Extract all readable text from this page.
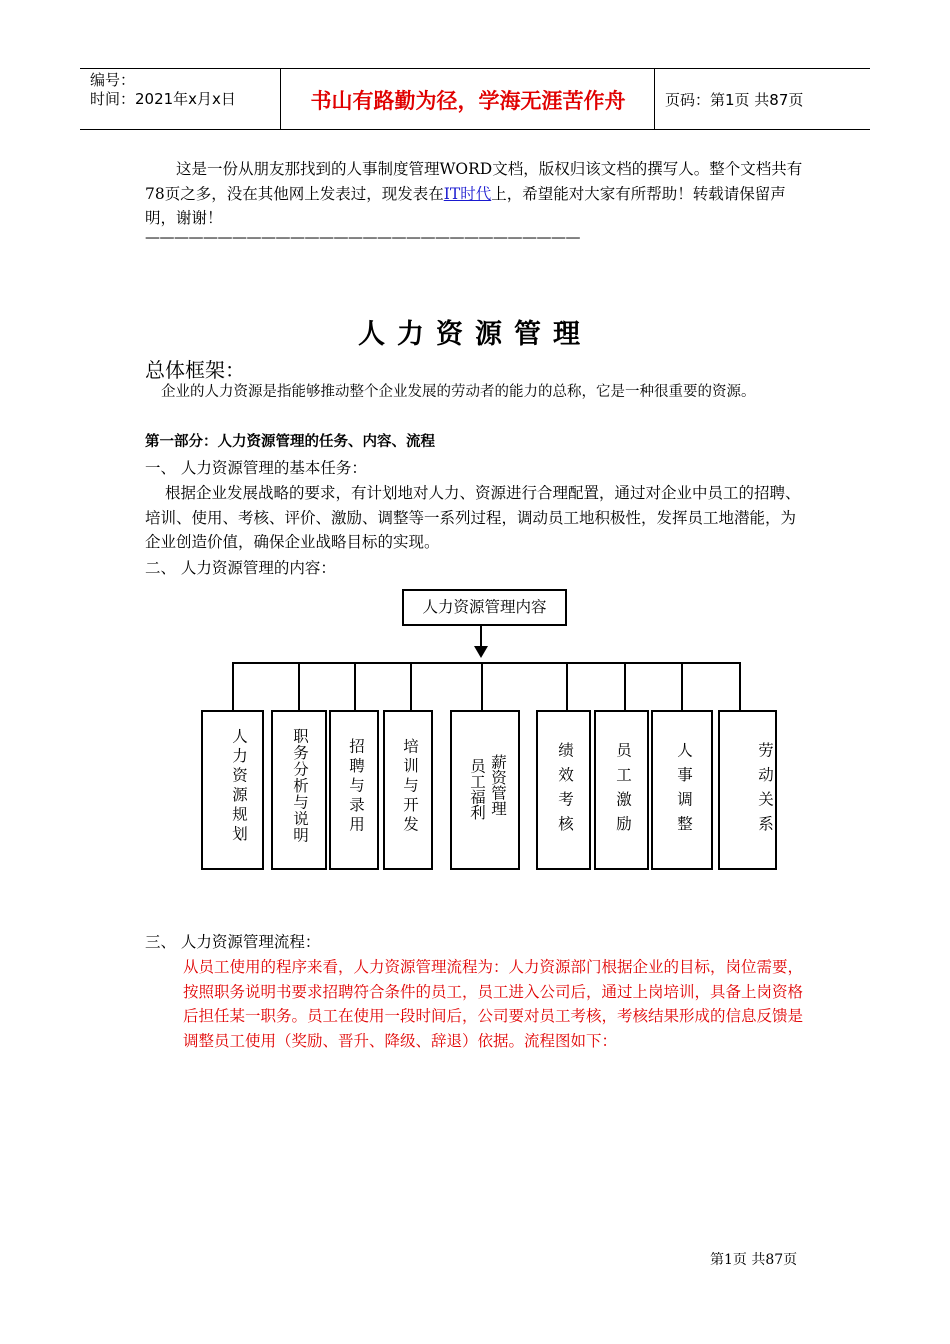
编号：
时间：2021年x月x日	书山有路勤为径，学海无涯苦作舟	页码：第1页 共87页
这是一份从朋友那找到的人事制度管理WORD文档，版权归该文档的撰写人。整个文档共有78页之多，没在其他网上发表过，现发表在IT时代上，希望能对大家有所帮助！转载请保留声明，谢谢！
——————————————————————————————
人力资源管理
总体框架：
企业的人力资源是指能够推动整个企业发展的劳动者的能力的总称，它是一种很重要的资源。
第一部分：人力资源管理的任务、内容、流程
一、 人力资源管理的基本任务：
根据企业发展战略的要求，有计划地对人力、资源进行合理配置，通过对企业中员工的招聘、培训、使用、考核、评价、激励、调整等一系列过程，调动员工地积极性，发挥员工地潜能，为企业创造价值，确保企业战略目标的实现。
二、 人力资源管理的内容：
人力资源管理内容
人力资源规划	职务分析与说明 招聘与录用 培训与开发	薪资管理
员工福利	绩效考核	员工激励	人事调整	劳动关系
三、 人力资源管理流程：
从员工使用的程序来看，人力资源管理流程为：人力资源部门根据企业的目标，岗位需要，按照职务说明书要求招聘符合条件的员工，员工进入公司后，通过上岗培训，具备上岗资格后担任某一职务。员工在使用一段时间后，公司要对员工考核，考核结果形成的信息反馈是调整员工使用（奖励、晋升、降级、辞退）依据。流程图如下：
第1页 共87页
